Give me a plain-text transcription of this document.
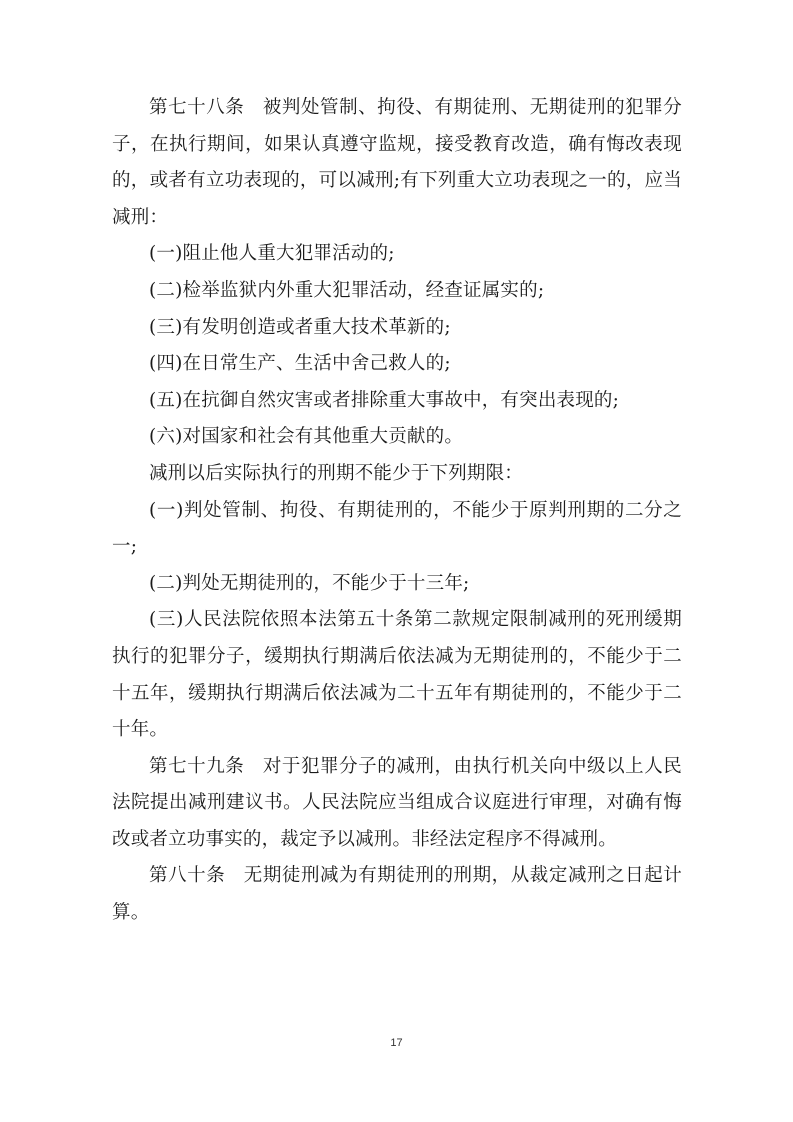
第七十八条 被判处管制、拘役、有期徒刑、无期徒刑的犯罪分子，在执行期间，如果认真遵守监规，接受教育改造，确有悔改表现的，或者有立功表现的，可以减刑;有下列重大立功表现之一的，应当减刑：

(一)阻止他人重大犯罪活动的;

(二)检举监狱内外重大犯罪活动，经查证属实的;

(三)有发明创造或者重大技术革新的;

(四)在日常生产、生活中舍己救人的;

(五)在抗御自然灾害或者排除重大事故中，有突出表现的;

(六)对国家和社会有其他重大贡献的。

减刑以后实际执行的刑期不能少于下列期限：

(一)判处管制、拘役、有期徒刑的，不能少于原判刑期的二分之一;

(二)判处无期徒刑的，不能少于十三年;

(三)人民法院依照本法第五十条第二款规定限制减刑的死刑缓期执行的犯罪分子，缓期执行期满后依法减为无期徒刑的，不能少于二十五年，缓期执行期满后依法减为二十五年有期徒刑的，不能少于二十年。

第七十九条 对于犯罪分子的减刑，由执行机关向中级以上人民法院提出减刑建议书。人民法院应当组成合议庭进行审理，对确有悔改或者立功事实的，裁定予以减刑。非经法定程序不得减刑。

第八十条 无期徒刑减为有期徒刑的刑期，从裁定减刑之日起计算。

17
